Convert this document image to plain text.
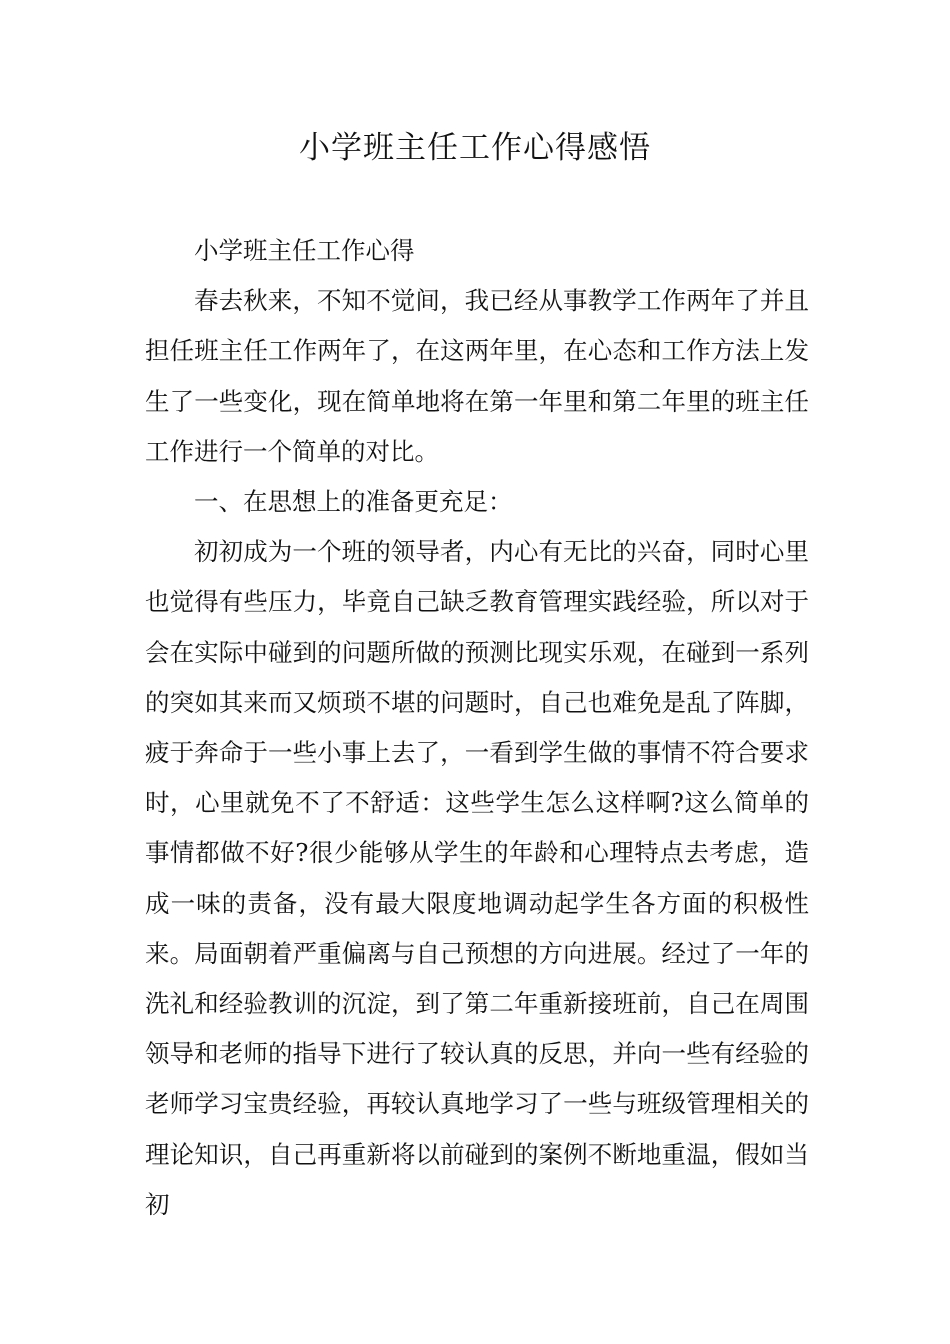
小学班主任工作心得感悟

小学班主任工作心得

春去秋来，不知不觉间，我已经从事教学工作两年了并且担任班主任工作两年了，在这两年里，在心态和工作方法上发生了一些变化，现在简单地将在第一年里和第二年里的班主任工作进行一个简单的对比。

一、在思想上的准备更充足：

初初成为一个班的领导者，内心有无比的兴奋，同时心里也觉得有些压力，毕竟自己缺乏教育管理实践经验，所以对于会在实际中碰到的问题所做的预测比现实乐观，在碰到一系列的突如其来而又烦琐不堪的问题时，自己也难免是乱了阵脚，疲于奔命于一些小事上去了，一看到学生做的事情不符合要求时，心里就免不了不舒适：这些学生怎么这样啊?这么简单的事情都做不好?很少能够从学生的年龄和心理特点去考虑，造成一味的责备，没有最大限度地调动起学生各方面的积极性来。局面朝着严重偏离与自己预想的方向进展。经过了一年的洗礼和经验教训的沉淀，到了第二年重新接班前，自己在周围领导和老师的指导下进行了较认真的反思，并向一些有经验的老师学习宝贵经验，再较认真地学习了一些与班级管理相关的理论知识，自己再重新将以前碰到的案例不断地重温，假如当初
